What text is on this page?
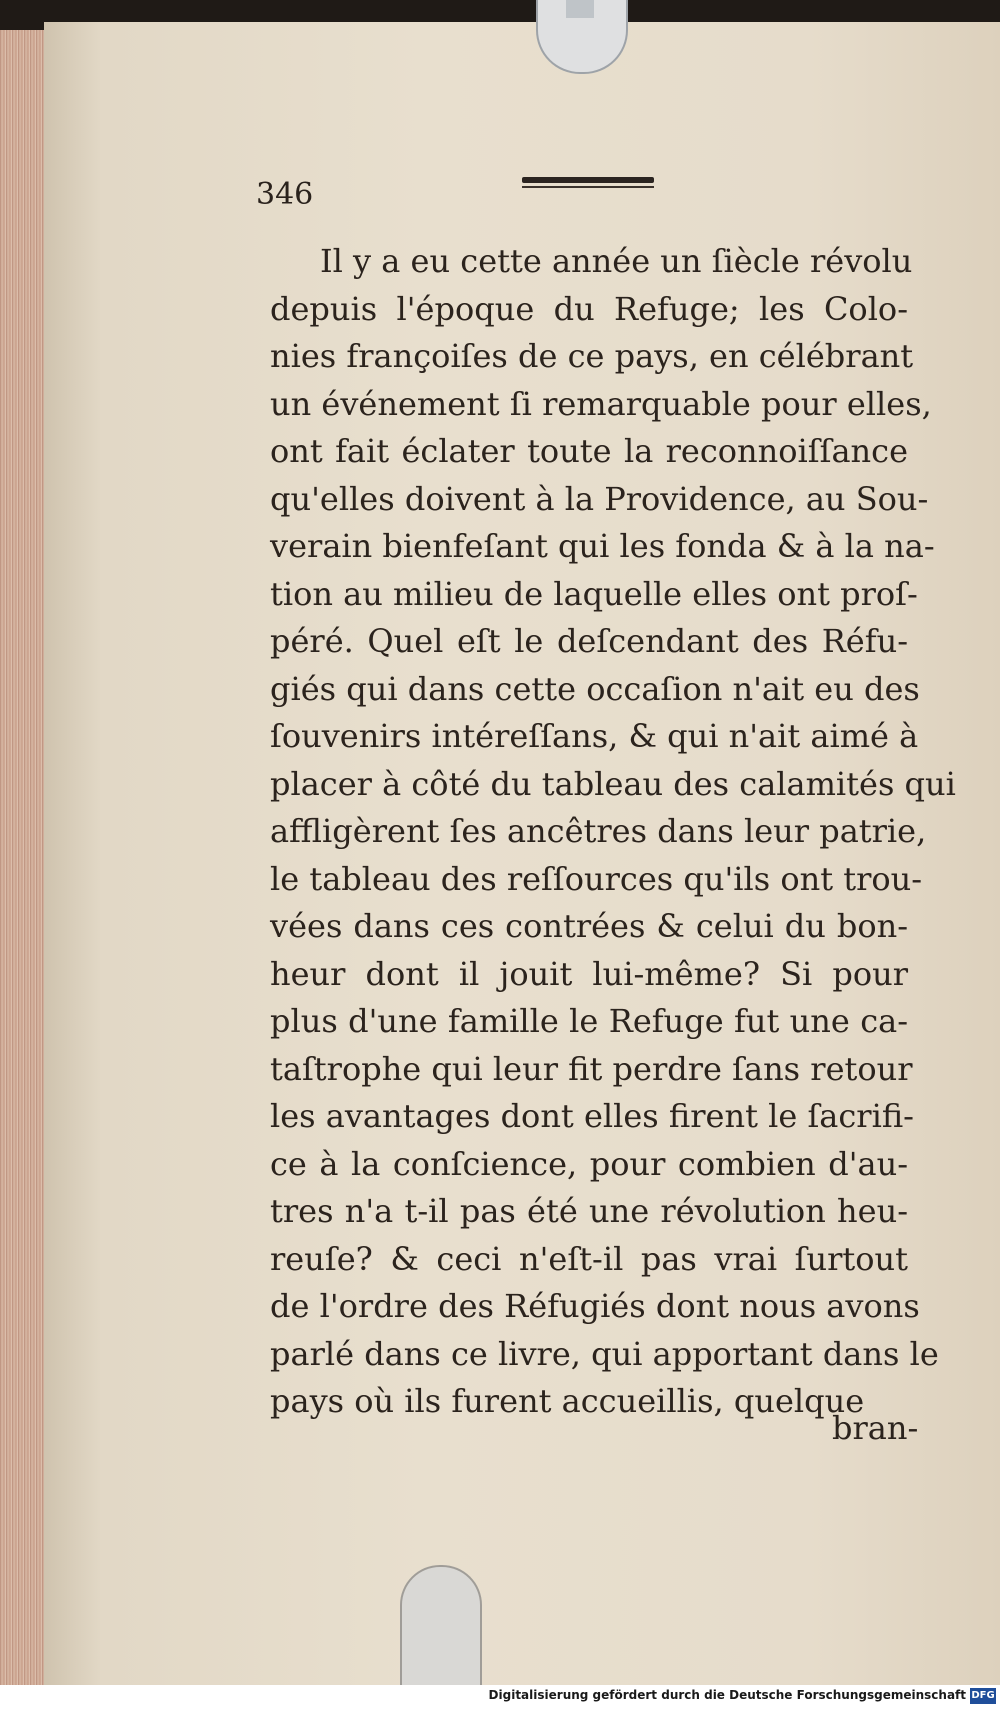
346
Il y a eu cette année un ſiècle révolu
depuis l'époque du Refuge; les Colo-
nies françoiſes de ce pays, en célébrant
un événement ſi remarquable pour elles,
ont fait éclater toute la reconnoiſſance
qu'elles doivent à la Providence, au Sou-
verain bienfeſant qui les fonda & à la na-
tion au milieu de laquelle elles ont proſ-
péré. Quel eſt le deſcendant des Réfu-
giés qui dans cette occaſion n'ait eu des
ſouvenirs intéreſſans, & qui n'ait aimé à
placer à côté du tableau des calamités qui
affligèrent ſes ancêtres dans leur patrie,
le tableau des reſſources qu'ils ont trou-
vées dans ces contrées & celui du bon-
heur dont il jouit lui-même? Si pour
plus d'une famille le Refuge fut une ca-
taſtrophe qui leur fit perdre ſans retour
les avantages dont elles firent le ſacrifi-
ce à la conſcience, pour combien d'au-
tres n'a t-il pas été une révolution heu-
reuſe? & ceci n'eſt-il pas vrai ſurtout
de l'ordre des Réfugiés dont nous avons
parlé dans ce livre, qui apportant dans le
pays où ils furent accueillis, quelque
bran-
Digitalisierung gefördert durch die Deutsche Forschungsgemeinschaft DFG
